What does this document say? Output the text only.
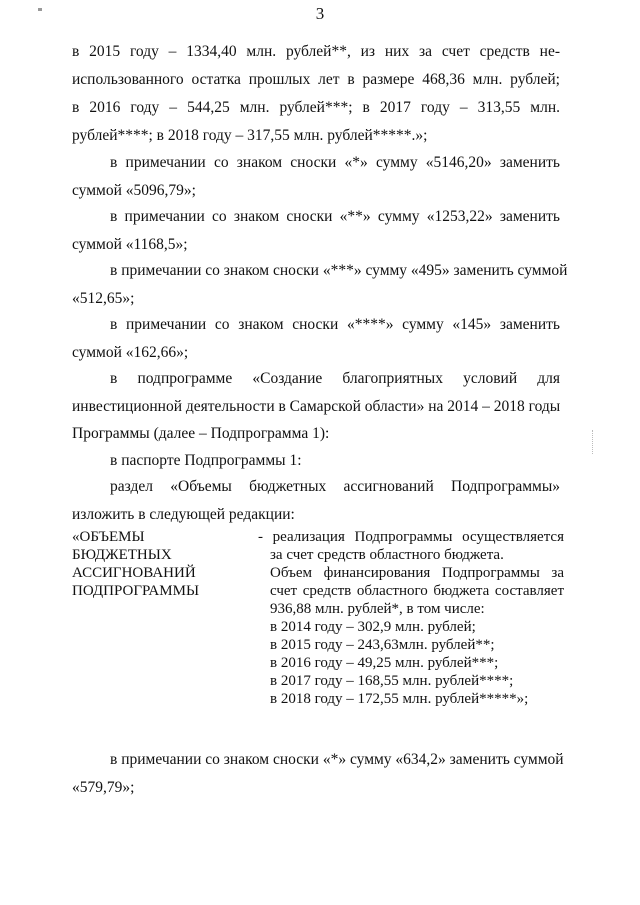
3
в 2015 году – 1334,40 млн. рублей**, из них за счет средств не-
использованного остатка прошлых лет в размере 468,36 млн. рублей;
в 2016 году – 544,25 млн. рублей***; в 2017 году – 313,55 млн.
рублей****; в 2018 году – 317,55 млн. рублей*****.»;
в примечании со знаком сноски «*» сумму «5146,20» заменить
суммой «5096,79»;
в примечании со знаком сноски «**» сумму «1253,22» заменить
суммой «1168,5»;
в примечании со знаком сноски «***» сумму «495» заменить суммой
«512,65»;
в примечании со знаком сноски «****» сумму «145» заменить
суммой «162,66»;
в подпрограмме «Создание благоприятных условий для
инвестиционной деятельности в Самарской области» на 2014 – 2018 годы
Программы (далее – Подпрограмма 1):
в паспорте Подпрограммы 1:
раздел «Объемы бюджетных ассигнований Подпрограммы»
изложить в следующей редакции:
«ОБЪЕМЫ
БЮДЖЕТНЫХ
АССИГНОВАНИЙ
ПОДПРОГРАММЫ
- реализация Подпрограммы осуществляется
за счет средств областного бюджета.
Объем финансирования Подпрограммы за
счет средств областного бюджета составляет
936,88 млн. рублей*, в том числе:
в 2014 году – 302,9 млн. рублей;
в 2015 году – 243,63млн. рублей**;
в 2016 году – 49,25 млн. рублей***;
в 2017 году – 168,55 млн. рублей****;
в 2018 году – 172,55 млн. рублей*****»;
в примечании со знаком сноски «*» сумму «634,2» заменить суммой
«579,79»;
